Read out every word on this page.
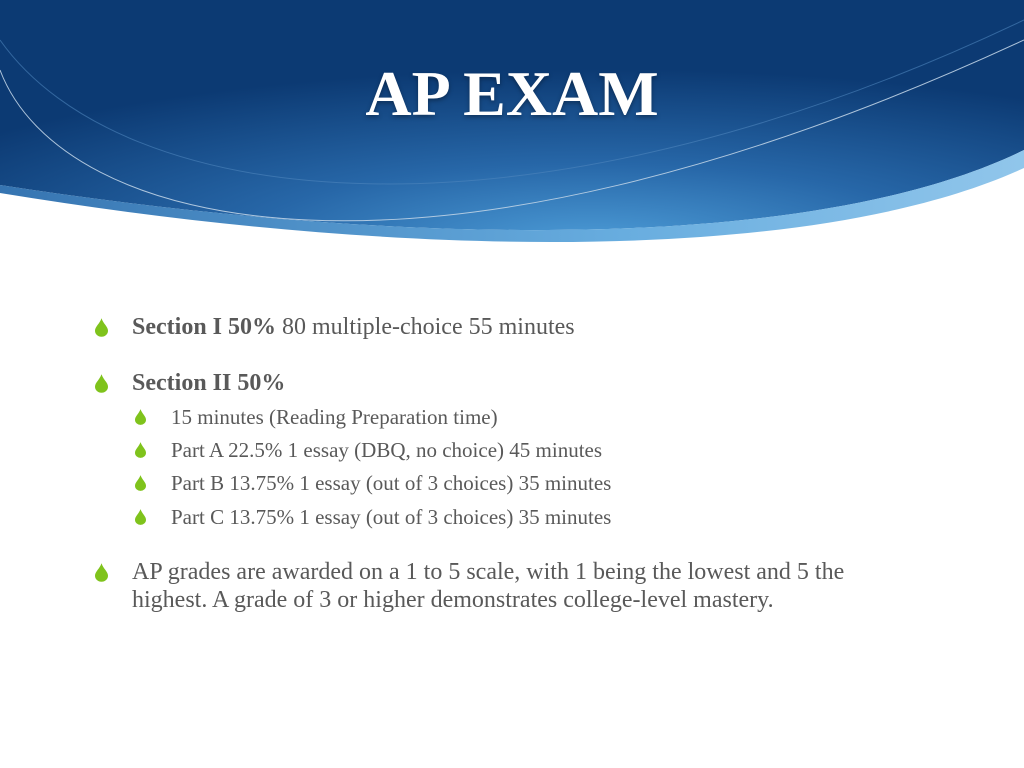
AP EXAM
Section I 50% 80 multiple-choice 55 minutes
Section II 50%
15 minutes (Reading Preparation time)
Part A 22.5% 1 essay (DBQ, no choice) 45 minutes
Part B 13.75% 1 essay (out of 3 choices) 35 minutes
Part C 13.75% 1 essay (out of 3 choices) 35 minutes
AP grades are awarded on a 1 to 5 scale, with 1 being the lowest and 5 the highest. A grade of 3 or higher demonstrates college-level mastery.
